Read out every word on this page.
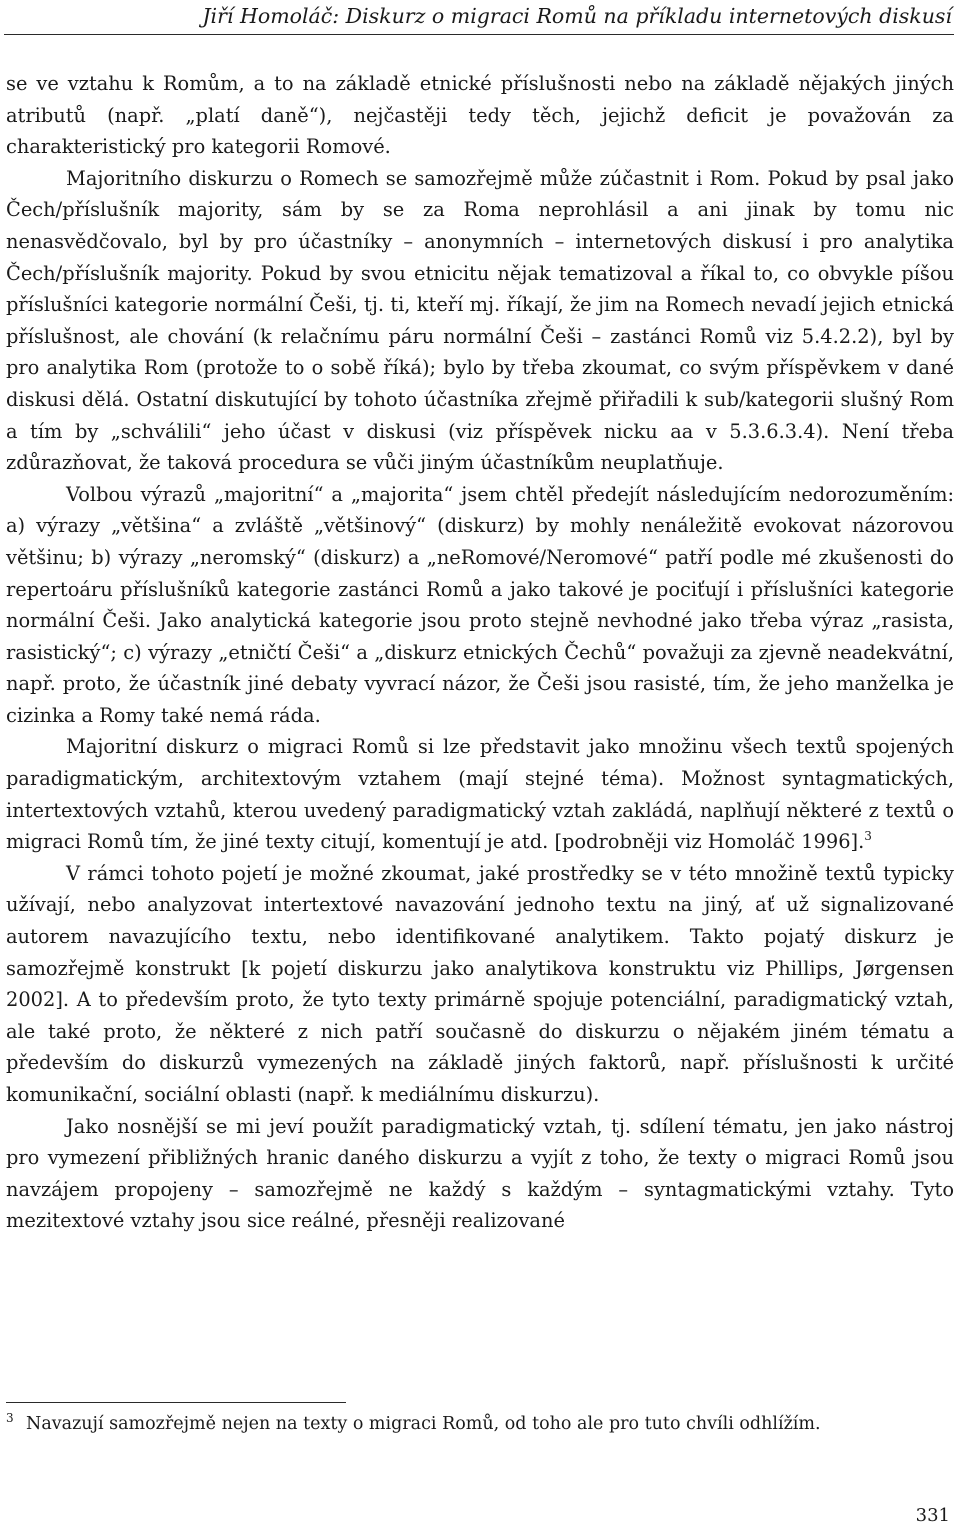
Jiří Homoláč: Diskurz o migraci Romů na příkladu internetových diskusí

se ve vztahu k Romům, a to na základě etnické příslušnosti nebo na základě nějakých jiných atributů (např. „platí daně“), nejčastěji tedy těch, jejichž deficit je považován za charakteristický pro kategorii Romové.

Majoritního diskurzu o Romech se samozřejmě může zúčastnit i Rom. Pokud by psal jako Čech/příslušník majority, sám by se za Roma neprohlásil a ani jinak by tomu nic nenasvědčovalo, byl by pro účastníky – anonymních – internetových diskusí i pro analytika Čech/příslušník majority. Pokud by svou etnicitu nějak tematizoval a říkal to, co obvykle píšou příslušníci kategorie normální Češi, tj. ti, kteří mj. říkají, že jim na Romech nevadí jejich etnická příslušnost, ale chování (k relačnímu páru normální Češi – zastánci Romů viz 5.4.2.2), byl by pro analytika Rom (protože to o sobě říká); bylo by třeba zkoumat, co svým příspěvkem v dané diskusi dělá. Ostatní diskutující by tohoto účastníka zřejmě přiřadili k sub/kategorii slušný Rom a tím by „schválili“ jeho účast v diskusi (viz příspěvek nicku aa v 5.3.6.3.4). Není třeba zdůrazňovat, že taková procedura se vůči jiným účastníkům neuplatňuje.

Volbou výrazů „majoritní“ a „majorita“ jsem chtěl předejít následujícím nedorozuměním: a) výrazy „většina“ a zvláště „většinový“ (diskurz) by mohly nenáležitě evokovat názorovou většinu; b) výrazy „neromský“ (diskurz) a „neRomové/Neromové“ patří podle mé zkušenosti do repertoáru příslušníků kategorie zastánci Romů a jako takové je pociťují i příslušníci kategorie normální Češi. Jako analytická kategorie jsou proto stejně nevhodné jako třeba výraz „rasista, rasistický“; c) výrazy „etničtí Češi“ a „diskurz etnických Čechů“ považuji za zjevně neadekvátní, např. proto, že účastník jiné debaty vyvrací názor, že Češi jsou rasisté, tím, že jeho manželka je cizinka a Romy také nemá ráda.

Majoritní diskurz o migraci Romů si lze představit jako množinu všech textů spojených paradigmatickým, architextovým vztahem (mají stejné téma). Možnost syntagmatických, intertextových vztahů, kterou uvedený paradigmatický vztah zakládá, naplňují některé z textů o migraci Romů tím, že jiné texty citují, komentují je atd. [podrobněji viz Homoláč 1996].$^3$

V rámci tohoto pojetí je možné zkoumat, jaké prostředky se v této množině textů typicky užívají, nebo analyzovat intertextové navazování jednoho textu na jiný, ať už signalizované autorem navazujícího textu, nebo identifikované analytikem. Takto pojatý diskurz je samozřejmě konstrukt [k pojetí diskurzu jako analytikova konstruktu viz Phillips, Jørgensen 2002]. A to především proto, že tyto texty primárně spojuje potenciální, paradigmatický vztah, ale také proto, že některé z nich patří současně do diskurzu o nějakém jiném tématu a především do diskurzů vymezených na základě jiných faktorů, např. příslušnosti k určité komunikační, sociální oblasti (např. k mediálnímu diskurzu).

Jako nosnější se mi jeví použít paradigmatický vztah, tj. sdílení tématu, jen jako nástroj pro vymezení přibližných hranic daného diskurzu a vyjít z toho, že texty o migraci Romů jsou navzájem propojeny – samozřejmě ne každý s každým – syntagmatickými vztahy. Tyto mezitextové vztahy jsou sice reálné, přesněji realizované

3 Navazují samozřejmě nejen na texty o migraci Romů, od toho ale pro tuto chvíli odhlížím.
331
